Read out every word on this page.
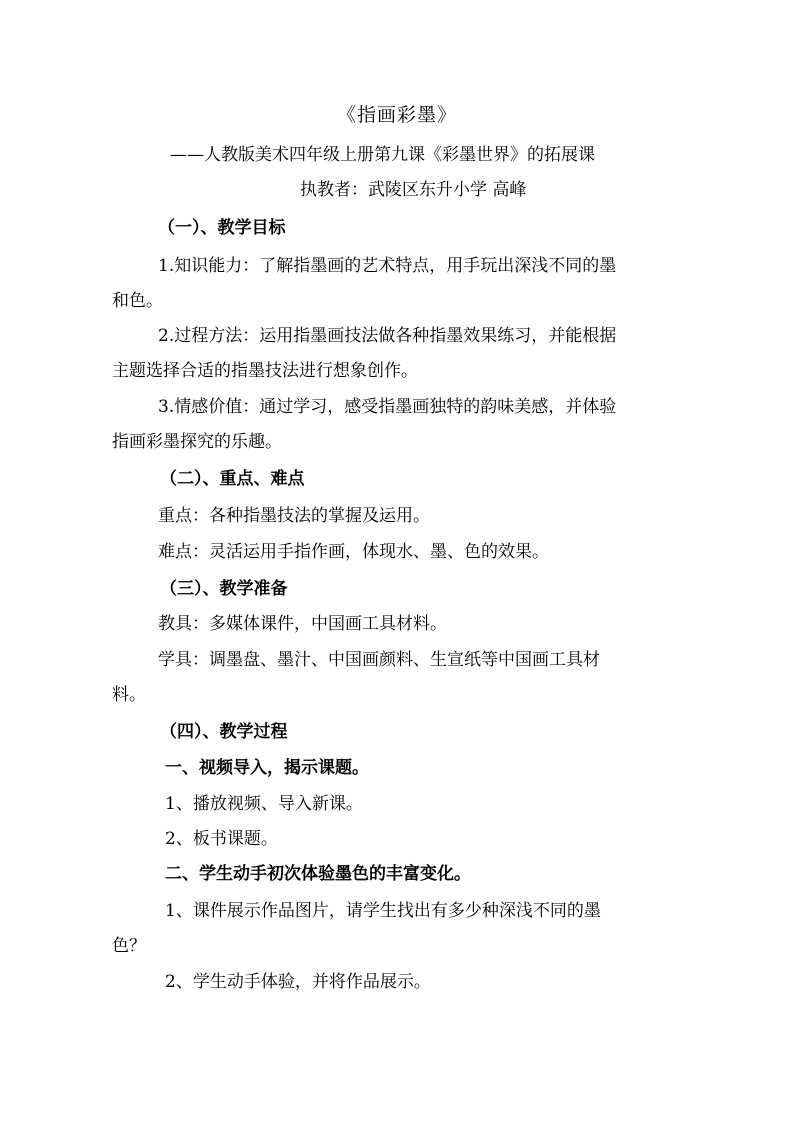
《指画彩墨》
——人教版美术四年级上册第九课《彩墨世界》的拓展课
执教者：武陵区东升小学 高峰
（一）、教学目标
1.知识能力：了解指墨画的艺术特点，用手玩出深浅不同的墨
和色。
2.过程方法：运用指墨画技法做各种指墨效果练习，并能根据
主题选择合适的指墨技法进行想象创作。
3.情感价值：通过学习，感受指墨画独特的韵味美感，并体验
指画彩墨探究的乐趣。
（二）、重点、难点
重点：各种指墨技法的掌握及运用。
难点：灵活运用手指作画，体现水、墨、色的效果。
（三）、教学准备
教具：多媒体课件，中国画工具材料。
学具：调墨盘、墨汁、中国画颜料、生宣纸等中国画工具材
料。
（四）、教学过程
一、视频导入，揭示课题。
1、播放视频、导入新课。
2、板书课题。
二、学生动手初次体验墨色的丰富变化。
1、课件展示作品图片，请学生找出有多少种深浅不同的墨
色？
2、学生动手体验，并将作品展示。
